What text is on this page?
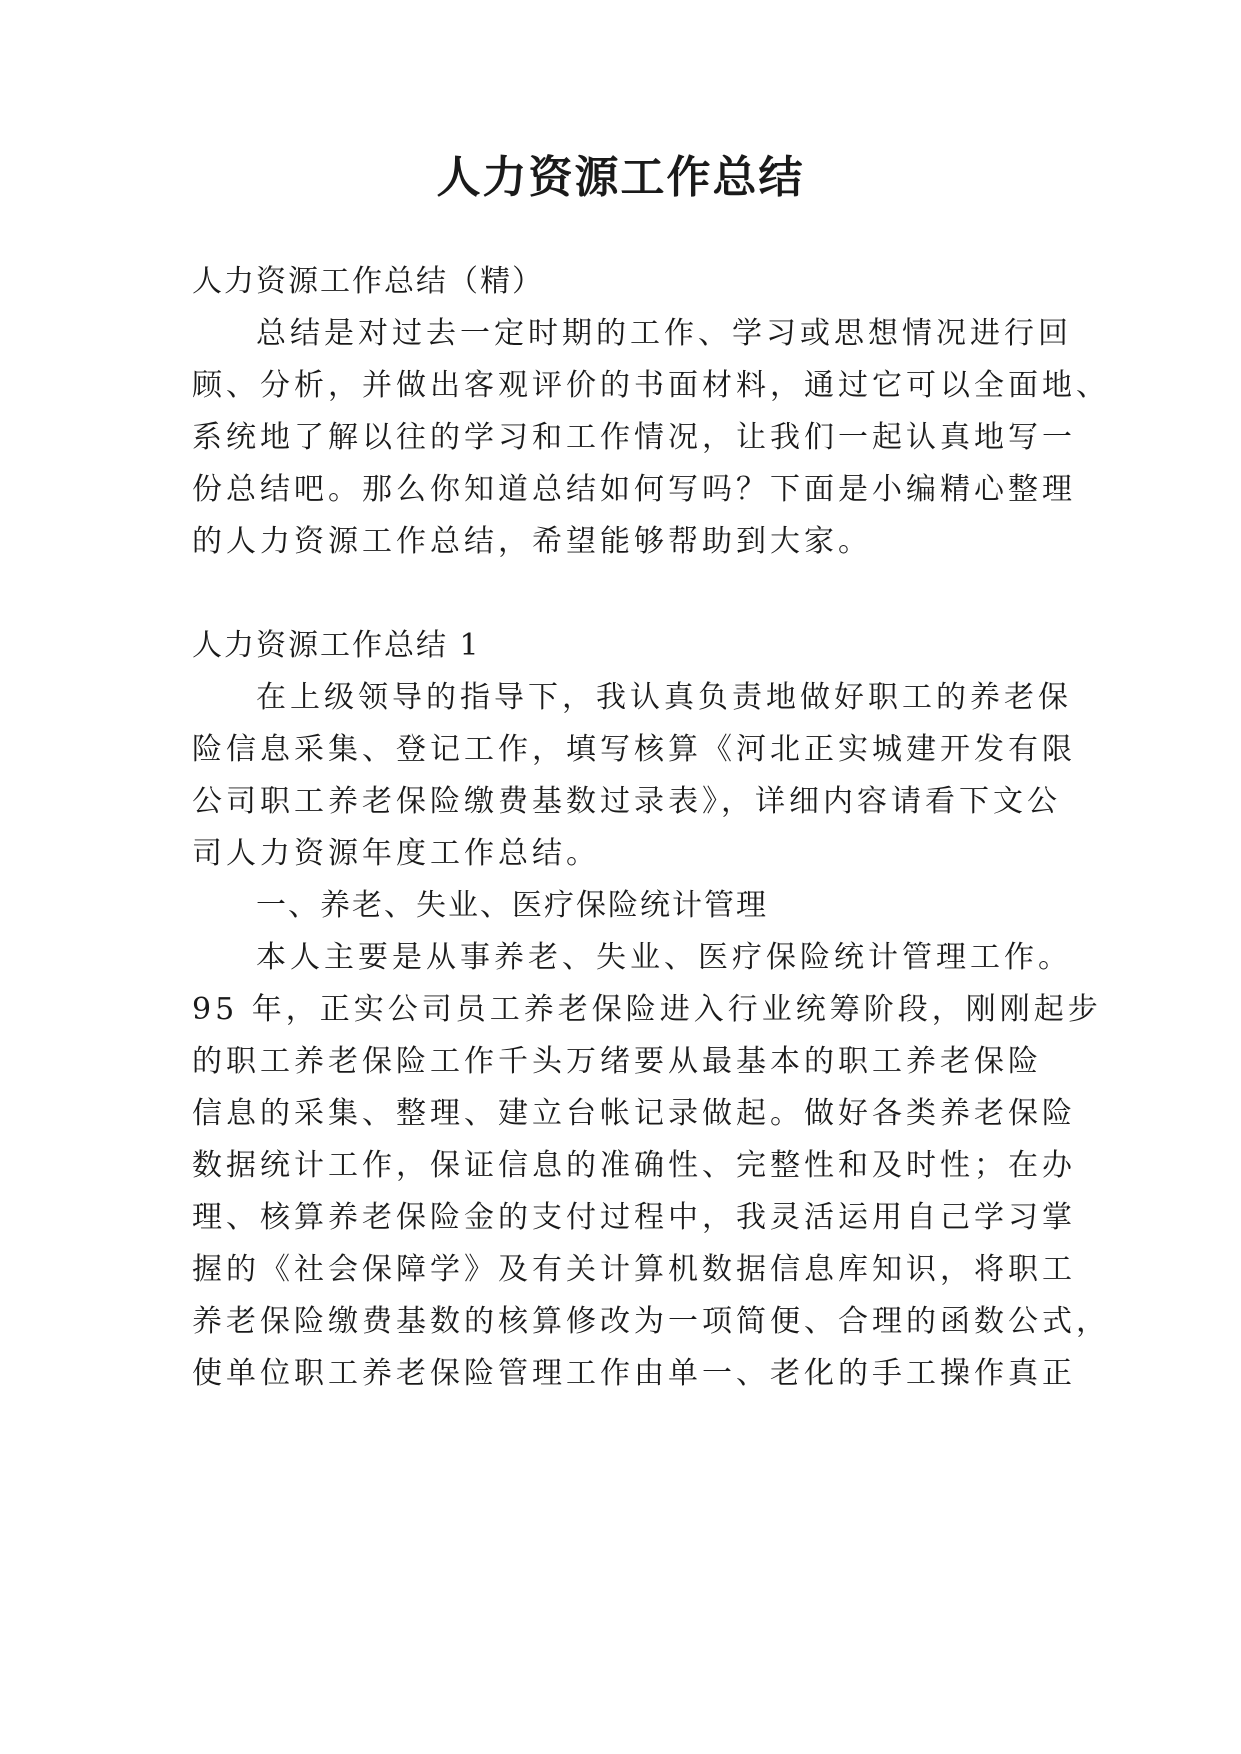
人力资源工作总结

人力资源工作总结（精）

总结是对过去一定时期的工作、学习或思想情况进行回

顾、分析，并做出客观评价的书面材料，通过它可以全面地、

系统地了解以往的学习和工作情况，让我们一起认真地写一

份总结吧。那么你知道总结如何写吗？下面是小编精心整理

的人力资源工作总结，希望能够帮助到大家。

人力资源工作总结 1

在上级领导的指导下，我认真负责地做好职工的养老保

险信息采集、登记工作，填写核算《河北正实城建开发有限

公司职工养老保险缴费基数过录表》，详细内容请看下文公

司人力资源年度工作总结。

一、养老、失业、医疗保险统计管理

本人主要是从事养老、失业、医疗保险统计管理工作。

95 年，正实公司员工养老保险进入行业统筹阶段，刚刚起步

的职工养老保险工作千头万绪要从最基本的职工养老保险

信息的采集、整理、建立台帐记录做起。做好各类养老保险

数据统计工作，保证信息的准确性、完整性和及时性；在办

理、核算养老保险金的支付过程中，我灵活运用自己学习掌

握的《社会保障学》及有关计算机数据信息库知识，将职工

养老保险缴费基数的核算修改为一项简便、合理的函数公式，

使单位职工养老保险管理工作由单一、老化的手工操作真正
